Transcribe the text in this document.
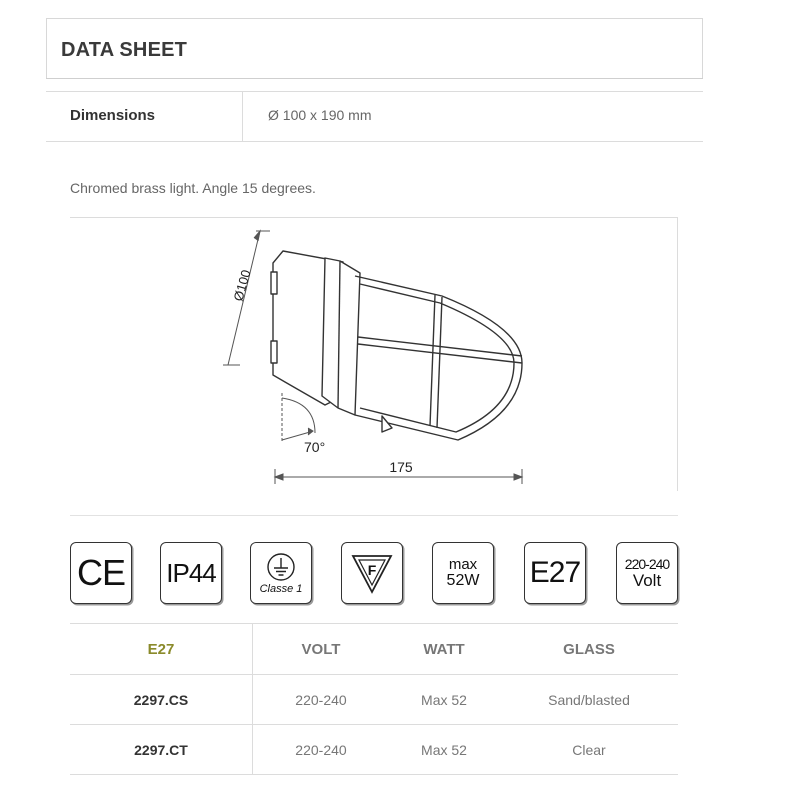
DATA SHEET
Dimensions	Ø 100 x 190 mm
Chromed brass light. Angle 15 degrees.
Ø100
70°
175
CE IP44
Classe 1
F	max
52W E27	220-240
Volt
E27	VOLT	WATT	GLASS
2297.CS	220-240	Max 52	Sand/blasted
2297.CT	220-240	Max 52	Clear
